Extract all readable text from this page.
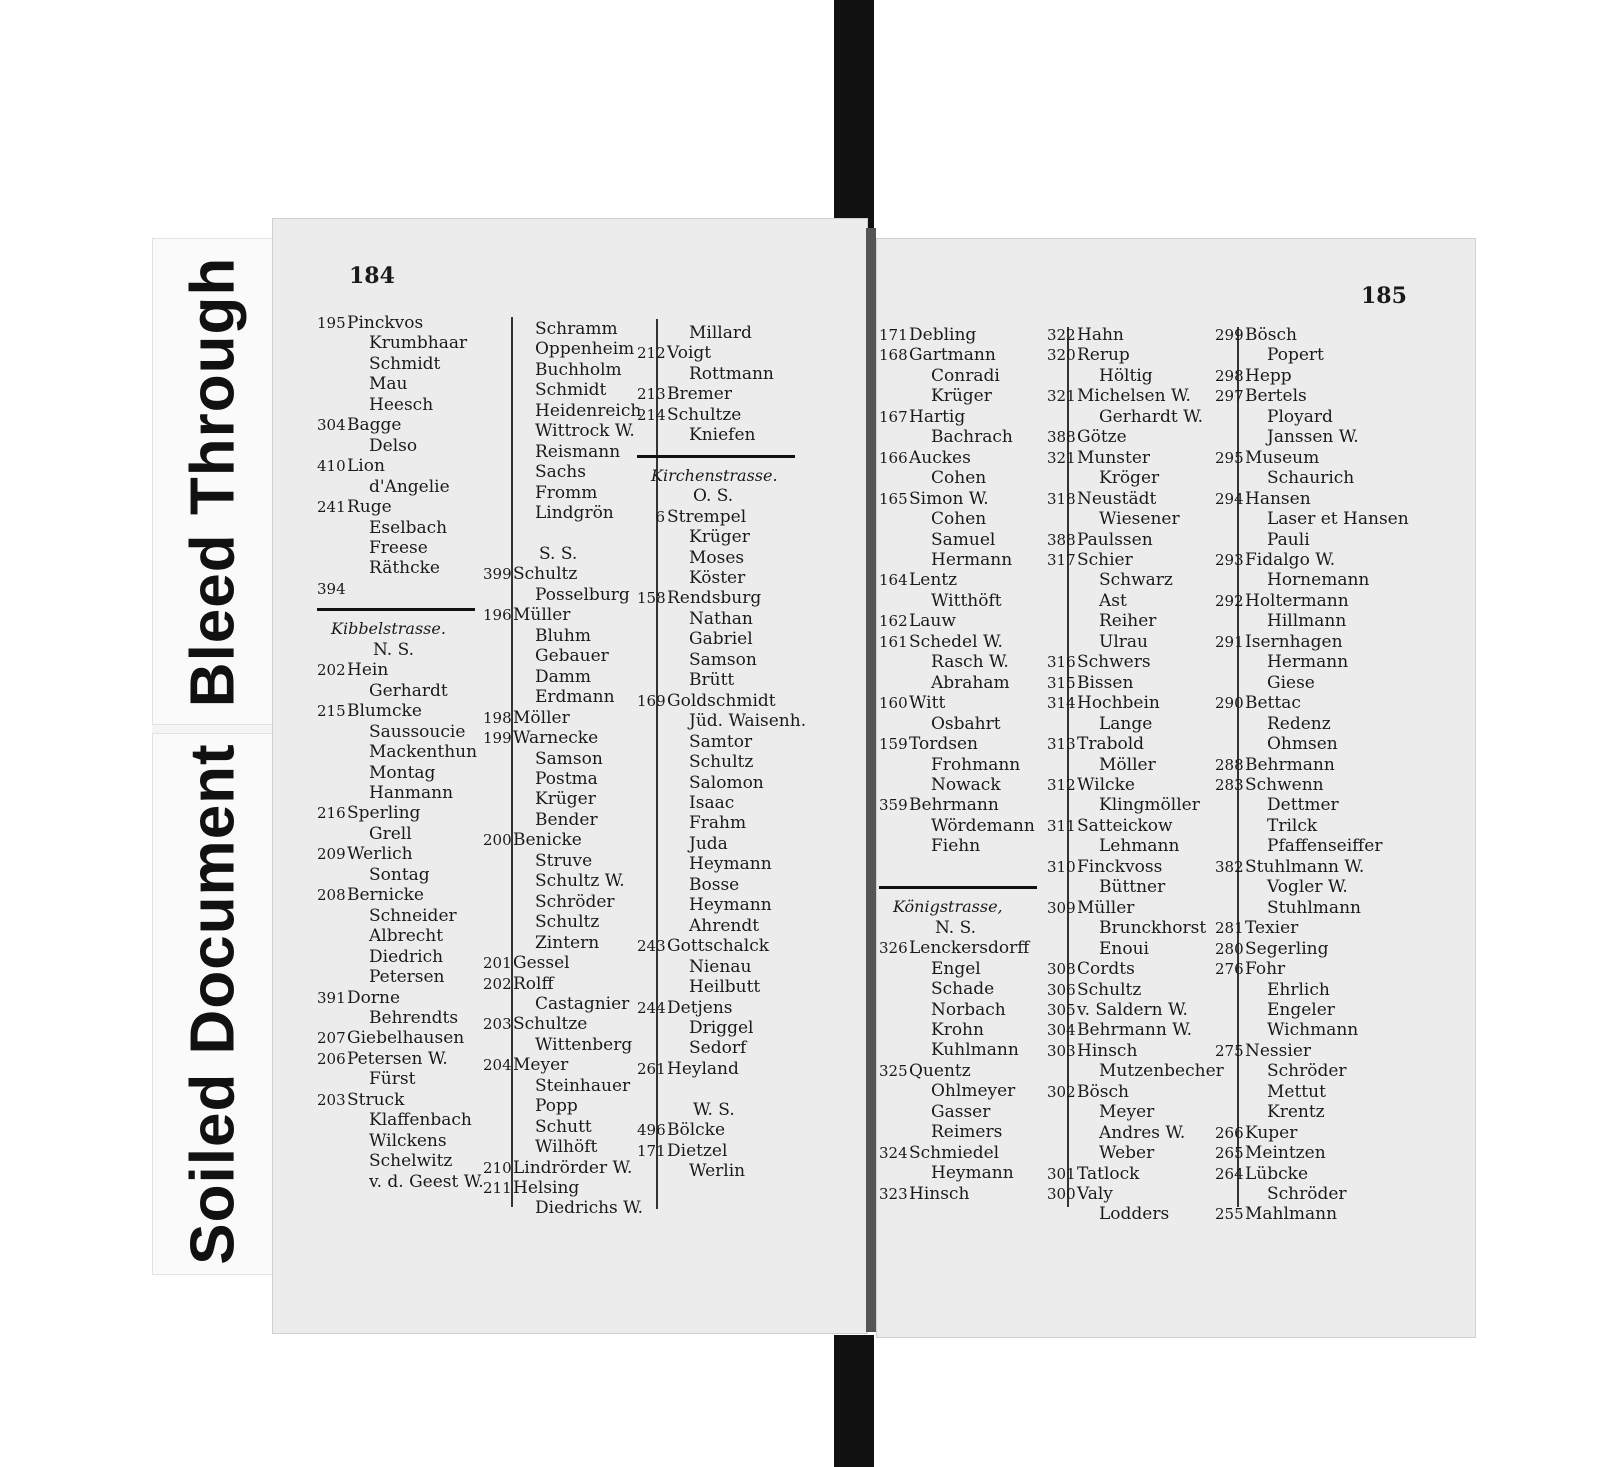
Bleed Through
Soiled Document
184
195 Pinckvos
Krumbhaar
Schmidt
Mau
Heesch
304 Bagge
Delso
410 Lion
d'Angelie
241 Ruge
Eselbach
Freese
Räthcke
394
Kibbelstrasse.
N. S.
202 Hein
Gerhardt
215 Blumcke
Saussoucie
Mackenthun
Montag
Hanmann
216 Sperling
Grell
209 Werlich
Sontag
208 Bernicke
Schneider
Albrecht
Diedrich
Petersen
391 Dorne
Behrendts
207 Giebelhausen
206 Petersen W.
Fürst
203 Struck
Klaffenbach
Wilckens
Schelwitz
v. d. Geest W.
Schramm
Oppenheim
Buchholm
Schmidt
Heidenreich
Wittrock W.
Reismann
Sachs
Fromm
Lindgrön

S. S.
399 Schultz
Posselburg
196 Müller
Bluhm
Gebauer
Damm
Erdmann
198 Möller
199 Warnecke
Samson
Postma
Krüger
Bender
200 Benicke
Struve
Schultz W.
Schröder
Schultz
Zintern
201 Gessel
202 Rolff
Castagnier
203 Schultze
Wittenberg
204 Meyer
Steinhauer
Popp
Schutt
Wilhöft
210 Lindrörder W.
211 Helsing
Diedrichs W.
Millard
212 Voigt
Rottmann
213 Bremer
214 Schultze
Kniefen
Kirchenstrasse.
O. S.
6 Strempel
Krüger
Moses
Köster
158 Rendsburg
Nathan
Gabriel
Samson
Brütt
169 Goldschmidt
Jüd. Waisenh.
Samtor
Schultz
Salomon
Isaac
Frahm
Juda
Heymann
Bosse
Heymann
Ahrendt
243 Gottschalck
Nienau
Heilbutt
244 Detjens
Driggel
Sedorf
261 Heyland

W. S.
496 Bölcke
171 Dietzel
Werlin
185
171 Debling
168 Gartmann
Conradi
Krüger
167 Hartig
Bachrach
166 Auckes
Cohen
165 Simon W.
Cohen
Samuel
Hermann
164 Lentz
Witthöft
162 Lauw
161 Schedel W.
Rasch W.
Abraham
160 Witt
Osbahrt
159 Tordsen
Frohmann
Nowack
359 Behrmann
Wördemann
Fiehn

Königstrasse,
N. S.
326 Lenckersdorff
Engel
Schade
Norbach
Krohn
Kuhlmann
325 Quentz
Ohlmeyer
Gasser
Reimers
324 Schmiedel
Heymann
323 Hinsch
322 Hahn
320 Rerup
Höltig
321 Michelsen W.
Gerhardt W.
388 Götze
321 Munster
Kröger
318 Neustädt
Wiesener
388 Paulssen
317 Schier
Schwarz
Ast
Reiher
Ulrau
316 Schwers
315 Bissen
314 Hochbein
Lange
313 Trabold
Möller
312 Wilcke
Klingmöller
311 Satteickow
Lehmann
310 Finckvoss
Büttner
309 Müller
Brunckhorst
Enoui
308 Cordts
306 Schultz
305 v. Saldern W.
304 Behrmann W.
303 Hinsch
Mutzenbecher
302 Bösch
Meyer
Andres W.
Weber
301 Tatlock
300 Valy
Lodders
299 Bösch
Popert
298 Hepp
297 Bertels
Ployard
Janssen W.
295 Museum
Schaurich
294 Hansen
Laser et Hansen
Pauli
293 Fidalgo W.
Hornemann
292 Holtermann
Hillmann
291 Isernhagen
Hermann
Giese
290 Bettac
Redenz
Ohmsen
288 Behrmann
283 Schwenn
Dettmer
Trilck
Pfaffenseiffer
382 Stuhlmann W.
Vogler W.
Stuhlmann
281 Texier
280 Segerling
276 Fohr
Ehrlich
Engeler
Wichmann
275 Nessier
Schröder
Mettut
Krentz
266 Kuper
265 Meintzen
264 Lübcke
Schröder
255 Mahlmann
